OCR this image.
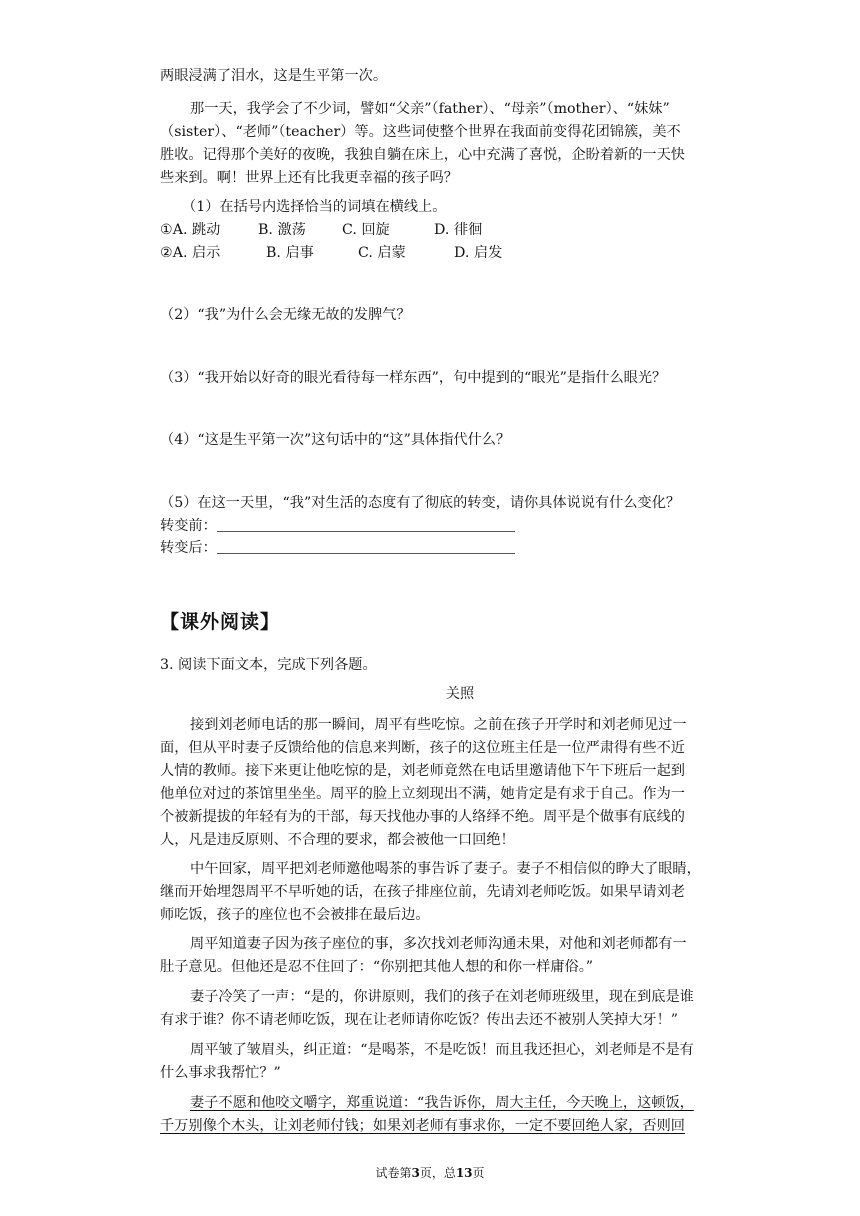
两眼浸满了泪水，这是生平第一次。
那一天，我学会了不少词，譬如“父亲”（father）、“母亲”（mother）、“妹妹”
（sister）、“老师”（teacher）等。这些词使整个世界在我面前变得花团锦簇，美不
胜收。记得那个美好的夜晚，我独自躺在床上，心中充满了喜悦，企盼着新的一天快
些来到。啊！世界上还有比我更幸福的孩子吗？
（1）在括号内选择恰当的词填在横线上。
①A. 跳动	B. 激荡	C. 回旋	D. 徘徊
②A. 启示	B. 启事	C. 启蒙	D. 启发
（2）“我”为什么会无缘无故的发脾气？
（3）“我开始以好奇的眼光看待每一样东西”，句中提到的“眼光”是指什么眼光？
（4）“这是生平第一次”这句话中的“这”具体指代什么？
（5）在这一天里，“我”对生活的态度有了彻底的转变，请你具体说说有什么变化？
转变前：
转变后：
【课外阅读】
3. 阅读下面文本，完成下列各题。
关照
接到刘老师电话的那一瞬间，周平有些吃惊。之前在孩子开学时和刘老师见过一
面，但从平时妻子反馈给他的信息来判断，孩子的这位班主任是一位严肃得有些不近
人情的教师。接下来更让他吃惊的是，刘老师竟然在电话里邀请他下午下班后一起到
他单位对过的茶馆里坐坐。周平的脸上立刻现出不满，她肯定是有求于自己。作为一
个被新提拔的年轻有为的干部，每天找他办事的人络绎不绝。周平是个做事有底线的
人，凡是违反原则、不合理的要求，都会被他一口回绝！
中午回家，周平把刘老师邀他喝茶的事告诉了妻子。妻子不相信似的睁大了眼睛，
继而开始埋怨周平不早听她的话，在孩子排座位前，先请刘老师吃饭。如果早请刘老
师吃饭，孩子的座位也不会被排在最后边。
周平知道妻子因为孩子座位的事，多次找刘老师沟通未果，对他和刘老师都有一
肚子意见。但他还是忍不住回了：“你别把其他人想的和你一样庸俗。”
妻子冷笑了一声：“是的，你讲原则，我们的孩子在刘老师班级里，现在到底是谁
有求于谁？你不请老师吃饭，现在让老师请你吃饭？传出去还不被别人笑掉大牙！”
周平皱了皱眉头，纠正道：“是喝茶，不是吃饭！而且我还担心，刘老师是不是有
什么事求我帮忙？”
妻子不愿和他咬文嚼字，郑重说道：“我告诉你，周大主任，今天晚上，这顿饭，
千万别像个木头，让刘老师付钱；如果刘老师有事求你，一定不要回绝人家，否则回
试卷第3页，总13页
